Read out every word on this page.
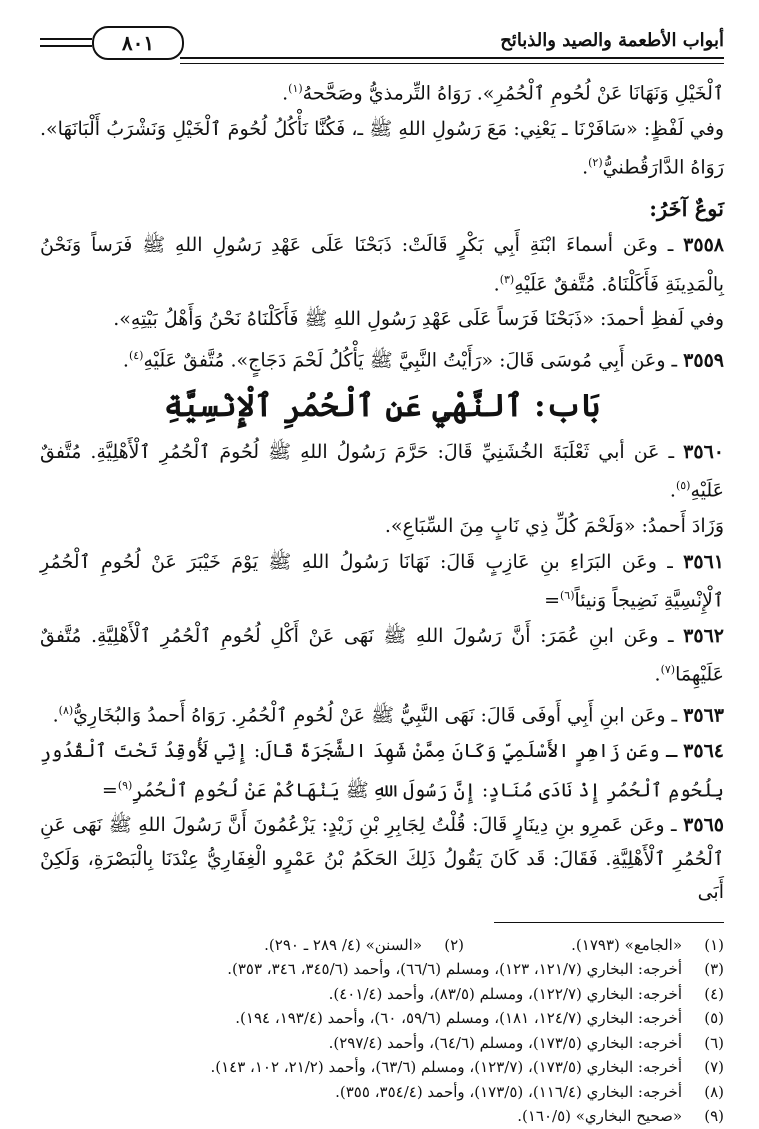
أبواب الأطعمة والصيد والذبائح
٨٠١

ٱلْخَيْلِ وَنَهَانَا عَنْ لُحُومِ ٱلْحُمُرِ». رَوَاهُ التِّرمذيُّ وصَحَّحهُ$^{(١)}$.

وفي لَفْظٍ: «سَافَرْنَا ـ يَعْنِي: مَعَ رَسُولِ اللهِ ﷺ ـ، فَكُنَّا نَأْكُلُ لُحُومَ ٱلْخَيْلِ وَنَشْرَبُ أَلْبَانَهَا». رَوَاهُ الدَّارَقُطنيُّ$^{(٢)}$.

نَوعٌ آخَرُ:

٣٥٥٨ ـ وعَن أسماءَ ابْنَةِ أَبِي بَكْرٍ قَالَتْ: ذَبَحْنَا عَلَى عَهْدِ رَسُولِ اللهِ ﷺ فَرَساً وَنَحْنُ بِالْمَدِينَةِ فَأَكَلْنَاهُ. مُتَّفقٌ عَلَيْهِ$^{(٣)}$.

وفي لَفظِ أحمدَ: «ذَبَحْنَا فَرَساً عَلَى عَهْدِ رَسُولِ اللهِ ﷺ فَأَكَلْنَاهُ نَحْنُ وَأَهْلُ بَيْتِهِ».

٣٥٥٩ ـ وعَن أَبِي مُوسَى قَالَ: «رَأَيْتُ النَّبِيَّ ﷺ يَأْكُلُ لَحْمَ دَجَاجٍ». مُتَّفقٌ عَلَيْهِ$^{(٤)}$.

بَاب: ٱلنَّهْيِ عَنِ ٱلْحُمُرِ ٱلْإِنْسِيَّةِ

٣٥٦٠ ـ عَن أبي ثَعْلَبَةَ الخُشَنِيِّ قَالَ: حَرَّمَ رَسُولُ اللهِ ﷺ لُحُومَ ٱلْحُمُرِ ٱلْأَهْلِيَّةِ. مُتَّفقٌ عَلَيْهِ$^{(٥)}$.

وَزَادَ أَحمدُ: «وَلَحْمَ كُلِّ ذِي نَابٍ مِنَ السِّبَاعِ».

٣٥٦١ ـ وعَن البَرَاءِ بنِ عَازِبٍ قَالَ: نَهَانَا رَسُولُ اللهِ ﷺ يَوْمَ خَيْبَرَ عَنْ لُحُومِ ٱلْحُمُرِ ٱلْإِنْسِيَّةِ نَضِيجاً وَنيئاً$^{(٦)}$=

٣٥٦٢ ـ وعَن ابنِ عُمَرَ: أَنَّ رَسُولَ اللهِ ﷺ نَهَى عَنْ أَكْلِ لُحُومِ ٱلْحُمُرِ ٱلْأَهْلِيَّةِ. مُتَّفقٌ عَلَيْهِمَا$^{(٧)}$.

٣٥٦٣ ـ وعَن ابنِ أَبِي أَوفَى قَالَ: نَهَى النَّبِيُّ ﷺ عَنْ لُحُومِ ٱلْحُمُرِ. رَوَاهُ أَحمدُ وَالبُخَارِيُّ$^{(٨)}$.

٣٥٦٤ ـ وعَن زَاهِرٍ الأَسْلَمِيِّ وَكَانَ مِمَّنْ شَهِدَ الشَّجَرَةَ قَالَ: إِنِّي لَأُوقِدُ تَحْتَ ٱلْقُدُورِ بِلُحُومِ ٱلْحُمُرِ إِذْ نَادَى مُنَادٍ: إِنَّ رَسُولَ اللهِ ﷺ يَنْهَاكُمْ عَنْ لُحُومِ ٱلْحُمُرِ$^{(٩)}$=

٣٥٦٥ ـ وعَن عَمرِو بنِ دِينَارٍ قَالَ: قُلْتُ لِجَابِرِ بْنِ زَيْدٍ: يَزْعُمُونَ أَنَّ رَسُولَ اللهِ ﷺ نَهَى عَنِ ٱلْحُمُرِ ٱلْأَهْلِيَّةِ. فَقَالَ: قَد كَانَ يَقُولُ ذَلِكَ الحَكَمُ بْنُ عَمْرٍو الْغِفَارِيُّ عِنْدَنَا بِالْبَصْرَةِ، وَلَكِنْ أَبَى

(١)
«الجامع» (١٧٩٣).
(٢)
«السنن» (٤/ ٢٨٩ ـ ٢٩٠).
(٣)
أخرجه: البخاري (١٢١/٧، ١٢٣)، ومسلم (٦٦/٦)، وأحمد (٣٤٥/٦، ٣٤٦، ٣٥٣).
(٤)
أخرجه: البخاري (١٢٢/٧)، ومسلم (٨٣/٥)، وأحمد (٤٠١/٤).
(٥)
أخرجه: البخاري (١٢٤/٧، ١٨١)، ومسلم (٥٩/٦، ٦٠)، وأحمد (١٩٣/٤، ١٩٤).
(٦)
أخرجه: البخاري (١٧٣/٥)، ومسلم (٦٤/٦)، وأحمد (٢٩٧/٤).
(٧)
أخرجه: البخاري (١٧٣/٥)، (١٢٣/٧)، ومسلم (٦٣/٦)، وأحمد (٢١/٢، ١٠٢، ١٤٣).
(٨)
أخرجه: البخاري (١١٦/٤)، (١٧٣/٥)، وأحمد (٣٥٤/٤، ٣٥٥).
(٩)
«صحيح البخاري» (١٦٠/٥).
